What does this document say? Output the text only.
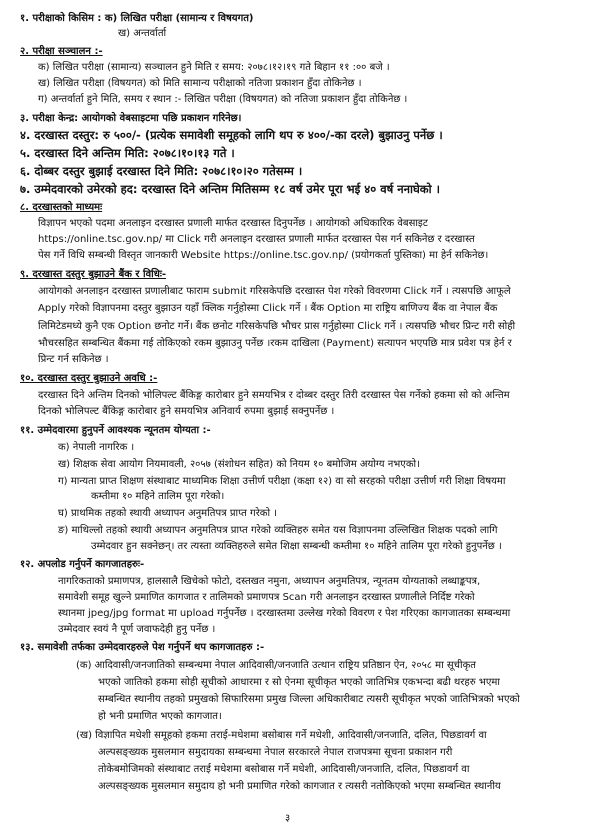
१. परीक्षाको किसिम : क) लिखित परीक्षा (सामान्य र विषयगत)
ख) अन्तर्वार्ता
२. परीक्षा सञ्चालन :-
क) लिखित परीक्षा (सामान्य) सञ्चालन हुने मिति र समय: २०७८।१२।१९ गते बिहान ११ :०० बजे ।
ख) लिखित परीक्षा (विषयगत) को मिति सामान्य परीक्षाको नतिजा प्रकाशन हुँदा तोकिनेछ ।
ग) अन्तर्वार्ता हुने मिति, समय र स्थान :- लिखित परीक्षा (विषयगत) को नतिजा प्रकाशन हुँदा तोकिनेछ ।
३. परीक्षा केन्द्र: आयोगको वेबसाइटमा पछि प्रकाशन गरिनेछ।
४. दरखास्त दस्तुर: रु ५००/- (प्रत्येक समावेशी समूहको लागि थप रु ४००/-का दरले) बुझाउनु पर्नेछ ।
५. दरखास्त दिने अन्तिम मिति: २०७८।१०।१३ गते ।
६. दोब्बर दस्तुर बुझाई दरखास्त दिने मिति: २०७८।१०।२० गतेसम्म ।
७. उम्मेदवारको उमेरको हद: दरखास्त दिने अन्तिम मितिसम्म १८ वर्ष उमेर पूरा भई ४० वर्ष ननाघेको ।
८. दरखास्तको माध्यमः
विज्ञापन भएको पदमा अनलाइन दरखास्त प्रणाली मार्फत दरखास्त दिनुपर्नेछ । आयोगको अधिकारिक वेबसाइट
https://online.tsc.gov.np/ मा Click गरी अनलाइन दरखास्त प्रणाली मार्फत दरखास्त पेस गर्न सकिनेछ र दरखास्त
पेस गर्ने विधि सम्बन्धी विस्तृत जानकारी Website https://online.tsc.gov.np/ (प्रयोगकर्ता पुस्तिका) मा हेर्न सकिनेछ।
९. दरखास्त दस्तुर बुझाउने बैंक र विधिः-
आयोगको अनलाइन दरखास्त प्रणालीबाट फाराम submit गरिसकेपछि दरखास्त पेश गरेको विवरणमा Click गर्ने । त्यसपछि आफूले
Apply गरेको विज्ञापनमा दस्तुर बुझाउन यहाँ क्लिक गर्नुहोस्मा Click गर्ने । बैंक Option मा राष्ट्रिय बाणिज्य बैंक वा नेपाल बैंक
लिमिटेडमध्ये कुनै एक Option छनोट गर्ने। बैंक छनोट गरिसकेपछि भौचर प्रास गर्नुहोस्मा Click गर्ने । त्यसपछि भौचर प्रिन्ट गरी सोही
भौचरसहित सम्बन्धित बैंकमा गई तोकिएको रकम बुझाउनु पर्नेछ ।रकम दाखिला (Payment) सत्यापन भएपछि मात्र प्रवेश पत्र हेर्न र
प्रिन्ट गर्न सकिनेछ ।
१०. दरखास्त दस्तुर बुझाउने अवधि :-
दरखास्त दिने अन्तिम दिनको भोलिपल्ट बैंकिङ्ग कारोबार हुने समयभित्र र दोब्बर दस्तुर तिरी दरखास्त पेस गर्नेको हकमा सो को अन्तिम
दिनको भोलिपल्ट बैंकिङ्ग कारोबार हुने समयभित्र अनिवार्य रुपमा बुझाई सक्नुपर्नेछ ।
११. उम्मेदवारमा हुनुपर्ने आवश्यक न्यूनतम योग्यता :-
क) नेपाली नागरिक ।
ख) शिक्षक सेवा आयोग नियमावली, २०५७ (संशोधन सहित) को नियम १० बमोजिम अयोग्य नभएको।
ग) मान्यता प्राप्त शिक्षण संस्थाबाट माध्यमिक शिक्षा उत्तीर्ण परीक्षा (कक्षा १२) वा सो सरहको परीक्षा उत्तीर्ण गरी शिक्षा विषयमा
कम्तीमा १० महिने तालिम पूरा गरेको।
घ) प्राथमिक तहको स्थायी अध्यापन अनुमतिपत्र प्राप्त गरेको ।
ङ) माथिल्लो तहको स्थायी अध्यापन अनुमतिपत्र प्राप्त गरेको व्यक्तिहरु समेत यस विज्ञापनमा उल्लिखित शिक्षक पदको लागि
उम्मेदवार हुन सक्नेछन्। तर त्यस्ता व्यक्तिहरुले समेत शिक्षा सम्बन्धी कम्तीमा १० महिने तालिम पूरा गरेको हुनुपर्नेछ ।
१२. अपलोड गर्नुपर्ने कागजातहरुः-
नागरिकताको प्रमाणपत्र, हालसालै खिचेको फोटो, दस्तखत नमुना, अध्यापन अनुमतिपत्र, न्यूनतम योग्यताको लब्धाङ्कपत्र,
समावेशी समूह खुल्ने प्रमाणित कागजात र तालिमको प्रमाणपत्र Scan गरी अनलाइन दरखास्त प्रणालीले निर्दिष्ट गरेको
स्थानमा jpeg/jpg format मा upload गर्नुपर्नेछ । दरखास्तमा उल्लेख गरेको विवरण र पेश गरिएका कागजातका सम्बन्धमा
उम्मेदवार स्वयं नै पूर्ण जवाफदेही हुनु पर्नेछ ।
१३. समावेशी तर्फका उम्मेदवारहरुले पेश गर्नुपर्ने थप कागजातहरु :-
(क) आदिवासी/जनजातिको सम्बन्धमा नेपाल आदिवासी/जनजाति उत्थान राष्ट्रिय प्रतिष्ठान ऐन, २०५८ मा सूचीकृत
भएको जातिको हकमा सोही सूचीको आधारमा र सो ऐनमा सूचीकृत भएको जातिभित्र एकभन्दा बढी थरहरु भएमा
सम्बन्धित स्थानीय तहको प्रमुखको सिफारिसमा प्रमुख जिल्ला अधिकारीबाट त्यसरी सूचीकृत भएको जातिभित्रको भएको
हो भनी प्रमाणित भएको कागजात।
(ख) विज्ञापित मधेशी समूहको हकमा तराई-मधेशमा बसोबास गर्ने मधेशी, आदिवासी/जनजाति, दलित, पिछडावर्ग वा
अल्पसङ्ख्यक मुसलमान समुदायका सम्बन्धमा नेपाल सरकारले नेपाल राजपत्रमा सूचना प्रकाशन गरी
तोकेबमोजिमको संस्थाबाट तराई मधेशमा बसोबास गर्ने मधेशी, आदिवासी/जनजाति, दलित, पिछडावर्ग वा
अल्पसङ्ख्यक मुसलमान समुदाय हो भनी प्रमाणित गरेको कागजात र त्यसरी नतोकिएको भएमा सम्बन्धित स्थानीय
३
